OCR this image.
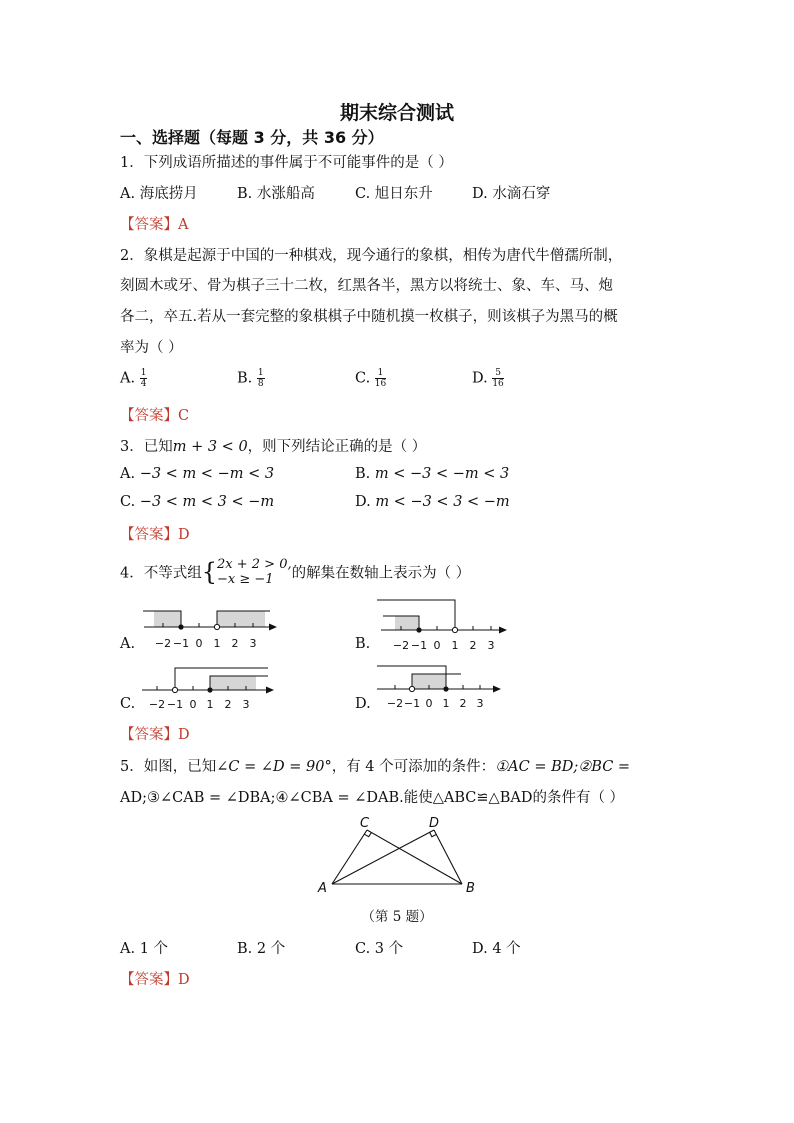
期末综合测试
一、选择题（每题 3 分，共 36 分）
1．下列成语所描述的事件属于不可能事件的是（ ）
A. 海底捞月	B. 水涨船高	C. 旭日东升	D. 水滴石穿
【答案】A
2．象棋是起源于中国的一种棋戏，现今通行的象棋，相传为唐代牛僧孺所制，
刻圆木或牙、骨为棋子三十二枚，红黑各半，黑方以将统士、象、车、马、炮
各二，卒五.若从一套完整的象棋棋子中随机摸一枚棋子，则该棋子为黑马的概
率为（ ）
A. $\frac{1}{4}$	B. $\frac{1}{8}$	C. $\frac{1}{16}$	D. $\frac{5}{16}$
【答案】C
3．已知m + 3 < 0，则下列结论正确的是（ ）
A. −3 < m < −m < 3	B. m < −3 < −m < 3
C. −3 < m < 3 < −m	D. m < −3 < 3 < −m
【答案】D
4．不等式组{ 2x + 2 > 0,
−x ≥ −1	的解集在数轴上表示为（ ）
A.	B.
C.	D.
−2 −1 0 1 2 3	−2 −1 0 1 2 3
−2 −1 0 1 2 3	−2 −1 0 1 2 3
【答案】D
5．如图，已知∠C = ∠D = 90°，有 4 个可添加的条件：①AC = BD;②BC =
AD;③∠CAB = ∠DBA;④∠CBA = ∠DAB.能使△ABC≌△BAD的条件有（ ）
C	D
A	B
（第 5 题）
A. 1 个	B. 2 个	C. 3 个	D. 4 个
【答案】D
